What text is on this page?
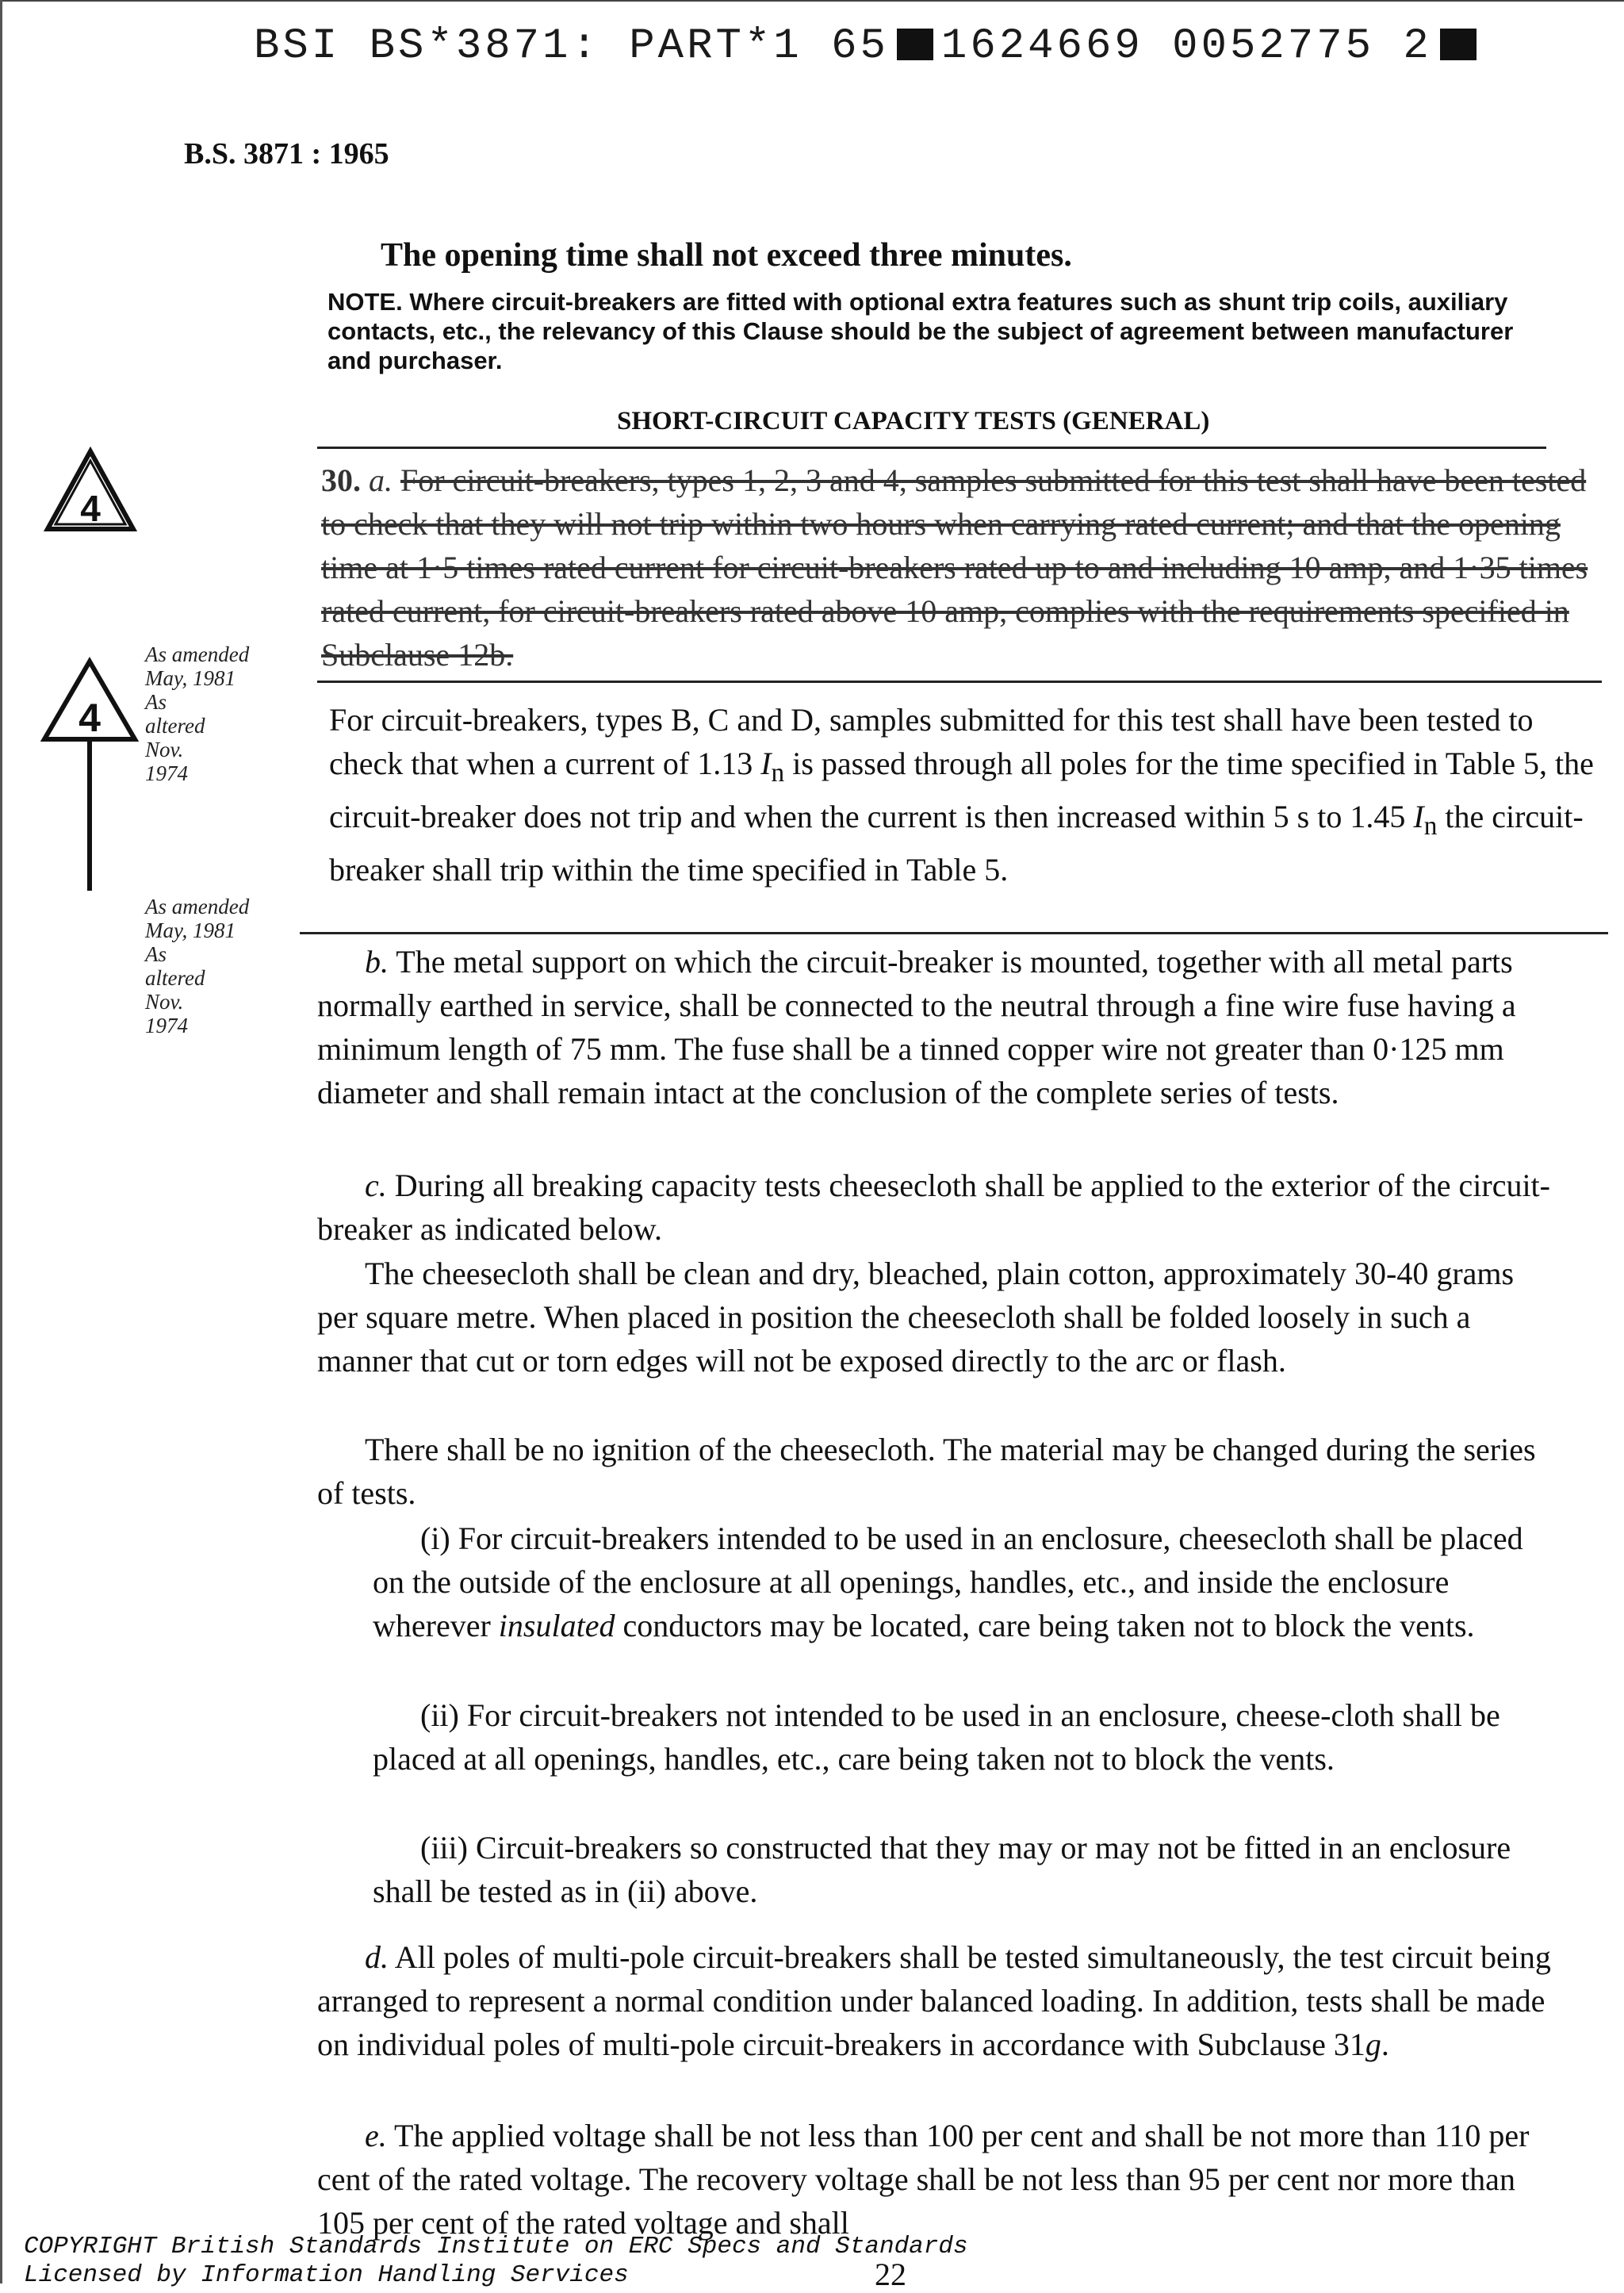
BSI BS*3871: PART*1 65 1624669 0052775 2
B.S. 3871 : 1965
The opening time shall not exceed three minutes.
NOTE. Where circuit-breakers are fitted with optional extra features such as shunt trip coils, auxiliary contacts, etc., the relevancy of this Clause should be the subject of agreement between manufacturer and purchaser.
SHORT-CIRCUIT CAPACITY TESTS (GENERAL)
4
4
As amended
May, 1981
As
altered
Nov.
1974
As amended
May, 1981
As
altered
Nov.
1974

30. a. For circuit-breakers, types 1, 2, 3 and 4, samples submitted for this test shall have been tested to check that they will not trip within two hours when carrying rated current; and that the opening time at 1·5 times rated current for circuit-breakers rated up to and including 10 amp, and 1·35 times rated current, for circuit-breakers rated above 10 amp, complies with the requirements specified in Subclause 12b.

For circuit-breakers, types B, C and D, samples submitted for this test shall have been tested to check that when a current of 1.13 $I_n$ is passed through all poles for the time specified in Table 5, the circuit-breaker does not trip and when the current is then increased within 5 s to 1.45 $I_n$ the circuit-breaker shall trip within the time specified in Table 5.

b. The metal support on which the circuit-breaker is mounted, together with all metal parts normally earthed in service, shall be connected to the neutral through a fine wire fuse having a minimum length of 75 mm. The fuse shall be a tinned copper wire not greater than 0·125 mm diameter and shall remain intact at the conclusion of the complete series of tests.

c. During all breaking capacity tests cheesecloth shall be applied to the exterior of the circuit-breaker as indicated below.

The cheesecloth shall be clean and dry, bleached, plain cotton, approximately 30-40 grams per square metre. When placed in position the cheesecloth shall be folded loosely in such a manner that cut or torn edges will not be exposed directly to the arc or flash.

There shall be no ignition of the cheesecloth. The material may be changed during the series of tests.

(i) For circuit-breakers intended to be used in an enclosure, cheesecloth shall be placed on the outside of the enclosure at all openings, handles, etc., and inside the enclosure wherever insulated conductors may be located, care being taken not to block the vents.

(ii) For circuit-breakers not intended to be used in an enclosure, cheese-cloth shall be placed at all openings, handles, etc., care being taken not to block the vents.

(iii) Circuit-breakers so constructed that they may or may not be fitted in an enclosure shall be tested as in (ii) above.

d. All poles of multi-pole circuit-breakers shall be tested simultaneously, the test circuit being arranged to represent a normal condition under balanced loading. In addition, tests shall be made on individual poles of multi-pole circuit-breakers in accordance with Subclause 31g.

e. The applied voltage shall be not less than 100 per cent and shall be not more than 110 per cent of the rated voltage. The recovery voltage shall be not less than 95 per cent nor more than 105 per cent of the rated voltage and shall

COPYRIGHT British Standards Institute on ERC Specs and Standards
Licensed by Information Handling Services	22
